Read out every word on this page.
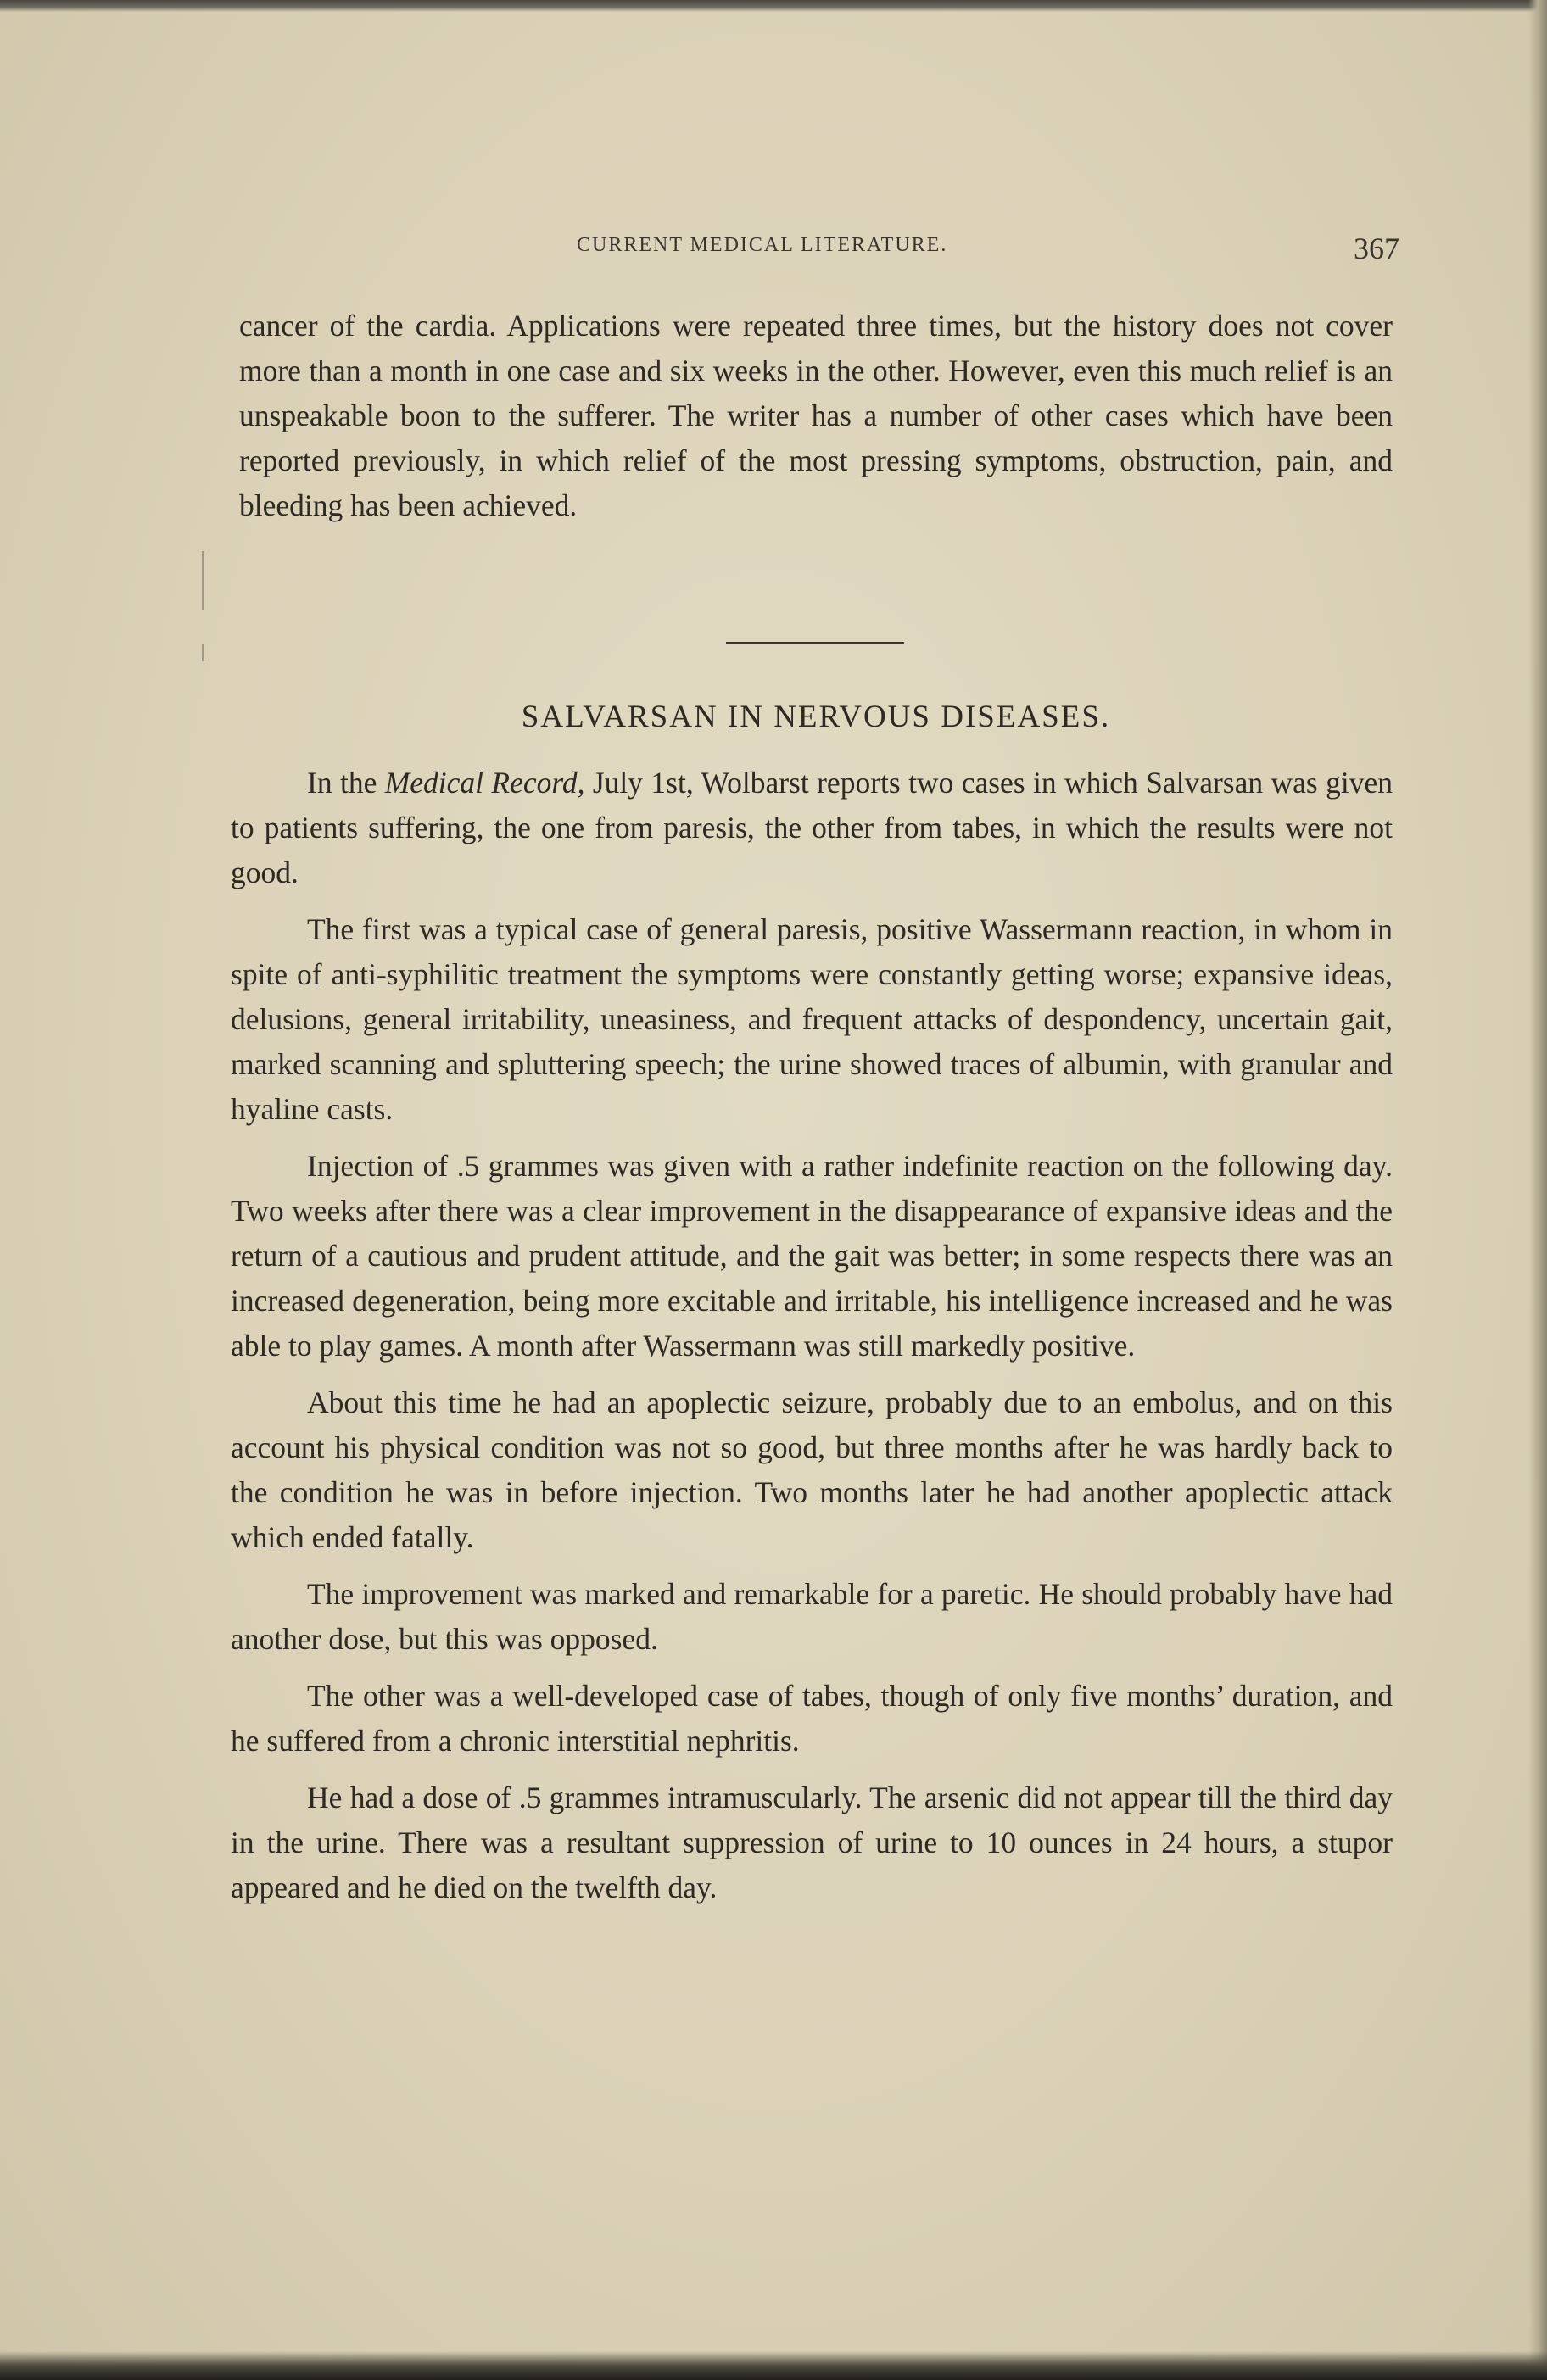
CURRENT MEDICAL LITERATURE.	367
cancer of the cardia. Applications were repeated three times, but the history does not cover more than a month in one case and six weeks in the other. However, even this much relief is an unspeakable boon to the sufferer. The writer has a number of other cases which have been reported previously, in which relief of the most pressing symptoms, obstruction, pain, and bleeding has been achieved.
SALVARSAN IN NERVOUS DISEASES.

In the Medical Record, July 1st, Wolbarst reports two cases in which Salvarsan was given to patients suffering, the one from paresis, the other from tabes, in which the results were not good.

The first was a typical case of general paresis, positive Wassermann reaction, in whom in spite of anti-syphilitic treatment the symptoms were constantly getting worse; expansive ideas, delusions, general irritability, uneasiness, and frequent attacks of despondency, uncertain gait, marked scanning and spluttering speech; the urine showed traces of albumin, with granular and hyaline casts.

Injection of .5 grammes was given with a rather indefinite reaction on the following day. Two weeks after there was a clear improvement in the disappearance of expansive ideas and the return of a cautious and prudent attitude, and the gait was better; in some respects there was an increased degeneration, being more excitable and irritable, his intelligence increased and he was able to play games. A month after Wassermann was still markedly positive.

About this time he had an apoplectic seizure, probably due to an embolus, and on this account his physical condition was not so good, but three months after he was hardly back to the condition he was in before injection. Two months later he had another apoplectic attack which ended fatally.

The improvement was marked and remarkable for a paretic. He should probably have had another dose, but this was opposed.

The other was a well-developed case of tabes, though of only five months’ duration, and he suffered from a chronic interstitial nephritis.

He had a dose of .5 grammes intramuscularly. The arsenic did not appear till the third day in the urine. There was a resultant suppression of urine to 10 ounces in 24 hours, a stupor appeared and he died on the twelfth day.
